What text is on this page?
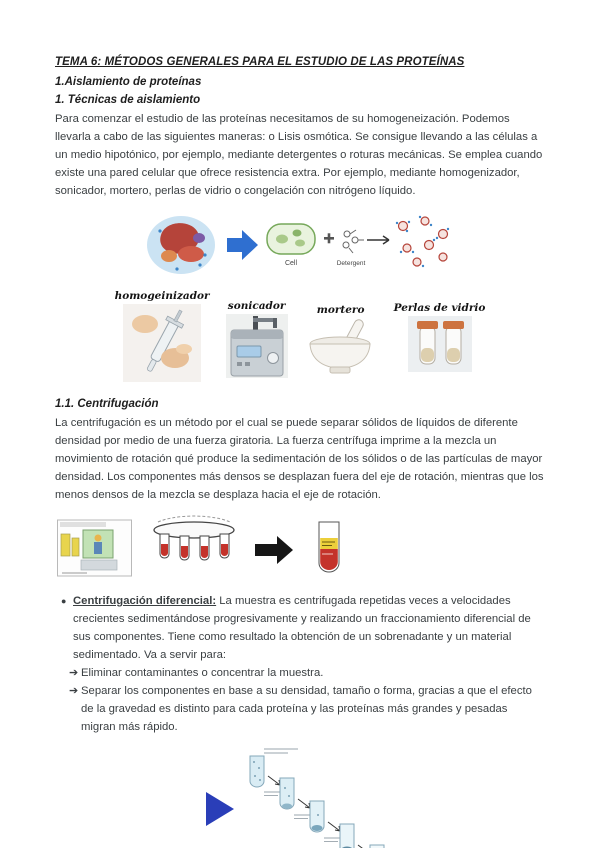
TEMA 6: MÉTODOS GENERALES PARA EL ESTUDIO DE LAS PROTEÍNAS
1.Aislamiento de proteínas
1. Técnicas de aislamiento

Para comenzar el estudio de las proteínas necesitamos de su homogeneización. Podemos llevarla a cabo de las siguientes maneras: o Lisis osmótica. Se consigue llevando a las células a un medio hipotónico, por ejemplo, mediante detergentes o roturas mecánicas. Se emplea cuando existe una pared celular que ofrece resistencia extra. Por ejemplo, mediante homogenizador, sonicador, mortero, perlas de vidrio o congelación con nitrógeno líquido.

Cell	Detergent
homogeinizador
sonicador	mortero	Perlas de vidrio
1.1. Centrifugación

La centrifugación es un método por el cual se puede separar sólidos de líquidos de diferente densidad por medio de una fuerza giratoria. La fuerza centrífuga imprime a la mezcla un movimiento de rotación qué produce la sedimentación de los sólidos o de las partículas de mayor densidad. Los componentes más densos se desplazan fuera del eje de rotación, mientras que los menos densos de la mezcla se desplaza hacia el eje de rotación.

● Centrifugación diferencial: La muestra es centrifugada repetidas veces a velocidades crecientes sedimentándose progresivamente y realizando un fraccionamiento diferencial de sus componentes. Tiene como resultado la obtención de un sobrenadante y un material sedimentado. Va a servir para:
➔ Eliminar contaminantes o concentrar la muestra.
➔ Separar los componentes en base a su densidad, tamaño o forma, gracias a que el efecto de la gravedad es distinto para cada proteína y las proteínas más grandes y pesadas migran más rápido.
